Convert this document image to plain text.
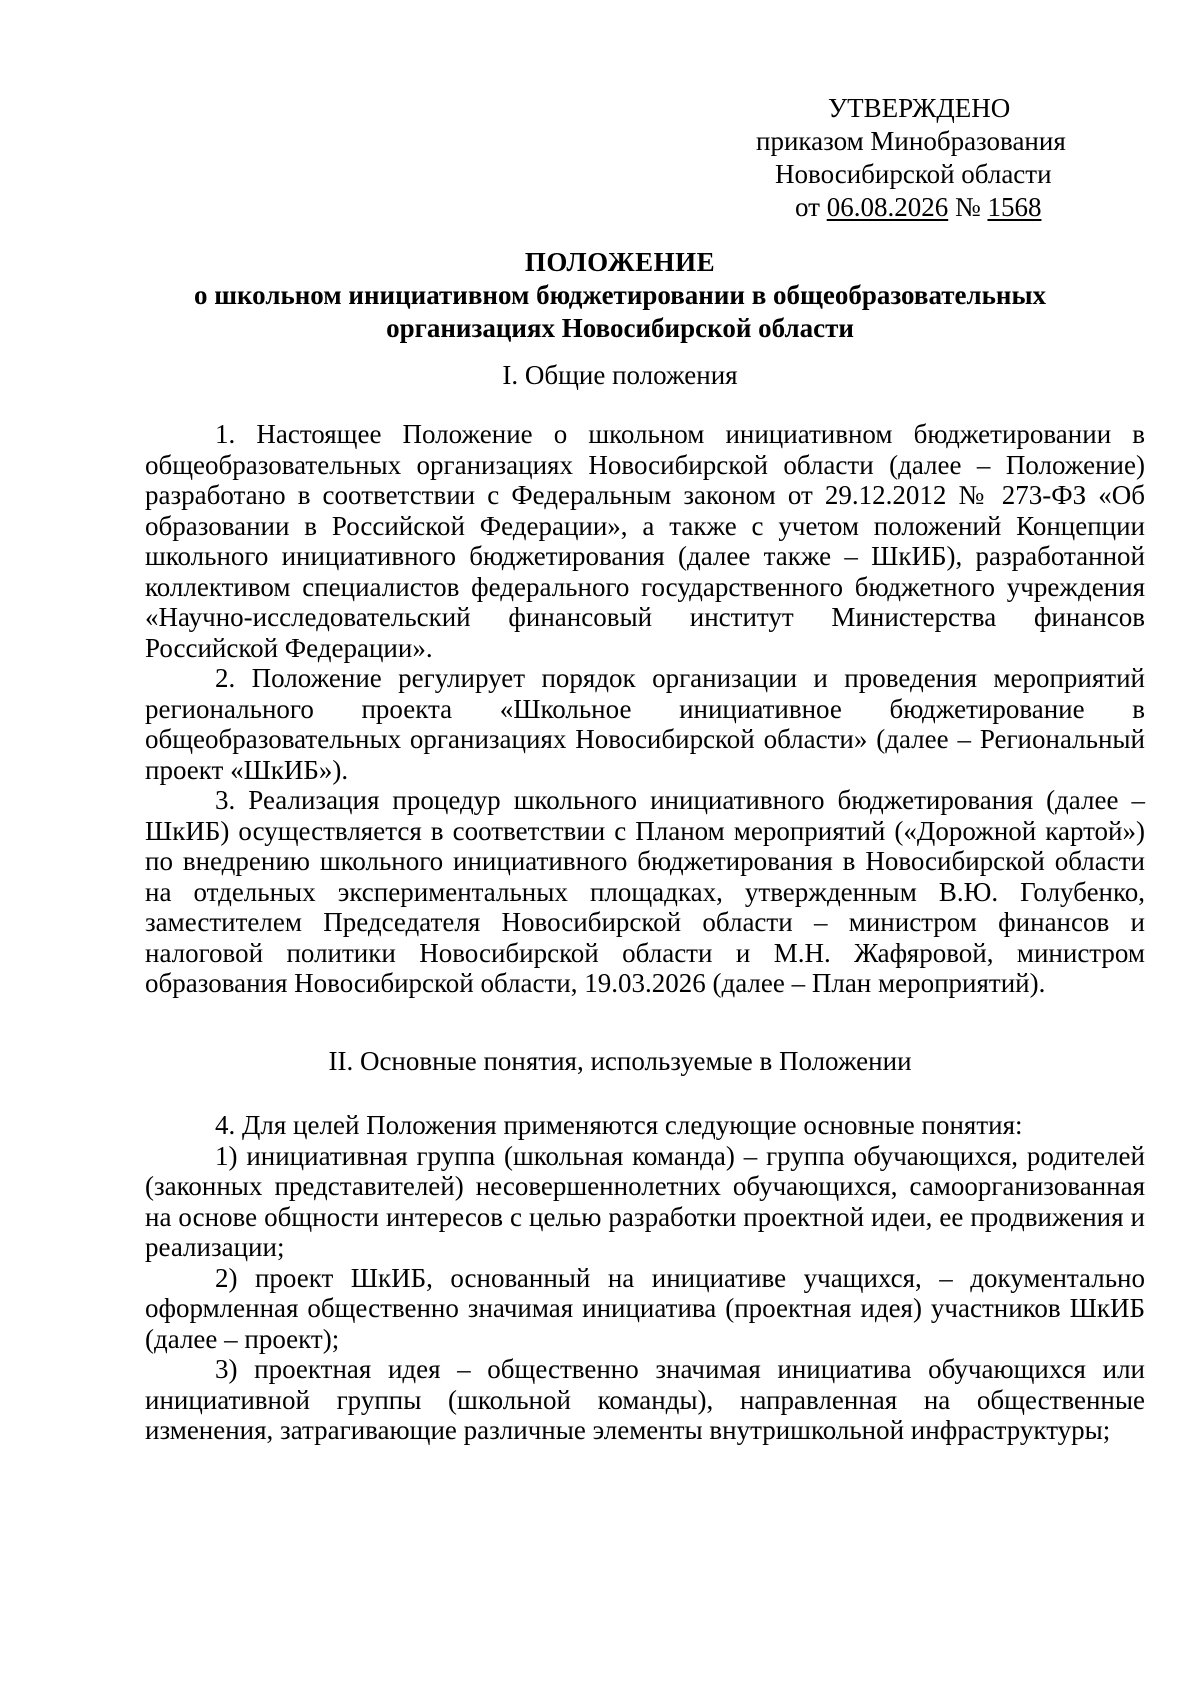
УТВЕРЖДЕНО
приказом Минобразования
Новосибирской области
от 06.08.2026 № 1568
ПОЛОЖЕНИЕ
о школьном инициативном бюджетировании в общеобразовательных
организациях Новосибирской области
I. Общие положения

1. Настоящее Положение о школьном инициативном бюджетировании в общеобразовательных организациях Новосибирской области (далее – Положение) разработано в соответствии с Федеральным законом от 29.12.2012 № 273-ФЗ «Об образовании в Российской Федерации», а также с учетом положений Концепции школьного инициативного бюджетирования (далее также – ШкИБ), разработанной коллективом специалистов федерального государственного бюджетного учреждения «Научно-исследовательский финансовый институт Министерства финансов Российской Федерации».

2. Положение регулирует порядок организации и проведения мероприятий регионального проекта «Школьное инициативное бюджетирование в общеобразовательных организациях Новосибирской области» (далее – Региональный проект «ШкИБ»).

3. Реализация процедур школьного инициативного бюджетирования (далее – ШкИБ) осуществляется в соответствии с Планом мероприятий («Дорожной картой») по внедрению школьного инициативного бюджетирования в Новосибирской области на отдельных экспериментальных площадках, утвержденным В.Ю. Голубенко, заместителем Председателя Новосибирской области – министром финансов и налоговой политики Новосибирской области и М.Н. Жафяровой, министром образования Новосибирской области, 19.03.2026 (далее – План мероприятий).

II. Основные понятия, используемые в Положении

4. Для целей Положения применяются следующие основные понятия:

1) инициативная группа (школьная команда) – группа обучающихся, родителей (законных представителей) несовершеннолетних обучающихся, самоорганизованная на основе общности интересов с целью разработки проектной идеи, ее продвижения и реализации;

2) проект ШкИБ, основанный на инициативе учащихся, – документально оформленная общественно значимая инициатива (проектная идея) участников ШкИБ (далее – проект);

3) проектная идея – общественно значимая инициатива обучающихся или инициативной группы (школьной команды), направленная на общественные изменения, затрагивающие различные элементы внутришкольной инфраструктуры;
